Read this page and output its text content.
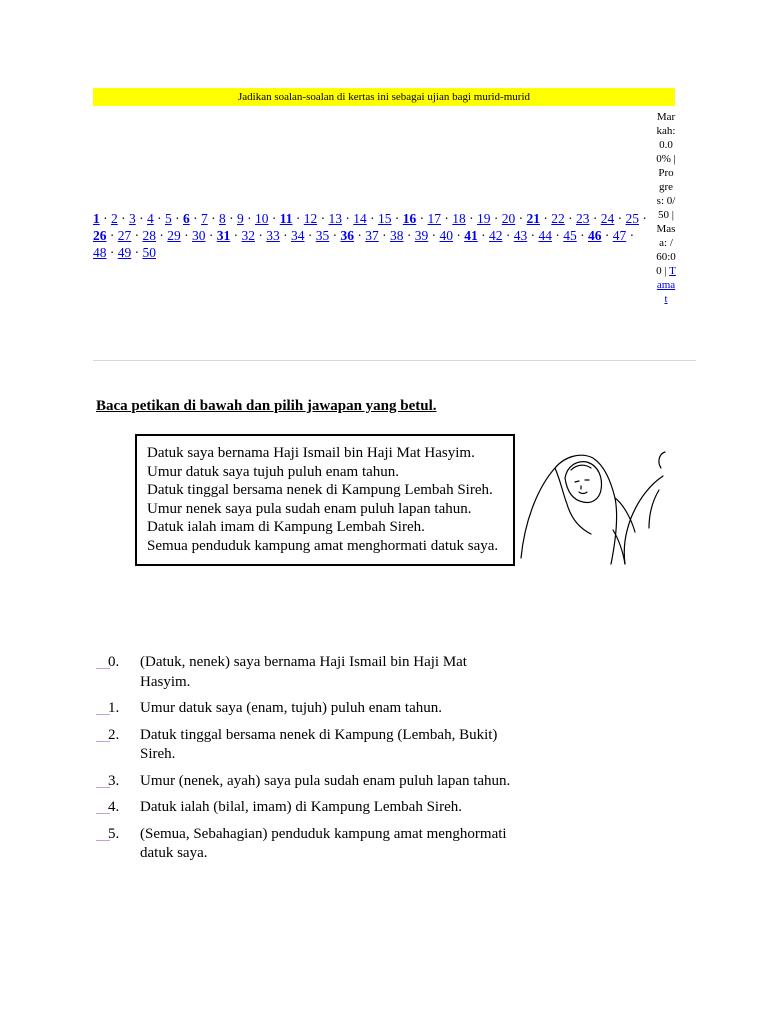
Jadikan soalan-soalan di kertas ini sebagai ujian bagi murid-murid
1 · 2 · 3 · 4 · 5 · 6 · 7 · 8 · 9 · 10 · 11 · 12 · 13 · 14 · 15 · 16 · 17 · 18 · 19 · 20 · 21 · 22 · 23 · 24 · 25 · 26 · 27 · 28 · 29 · 30 · 31 · 32 · 33 · 34 · 35 · 36 · 37 · 38 · 39 · 40 · 41 · 42 · 43 · 44 · 45 · 46 · 47 · 48 · 49 · 50
Markah: 0.00% | Progres: 0/50 | Masa: / 60:00 | Tamat
Baca petikan di bawah dan pilih jawapan yang betul.

Datuk saya bernama Haji Ismail bin Haji Mat Hasyim.

Umur datuk saya tujuh puluh enam tahun.

Datuk tinggal bersama nenek di Kampung Lembah Sireh.

Umur nenek saya pula sudah enam puluh lapan tahun.

Datuk ialah imam di Kampung Lembah Sireh.

Semua penduduk kampung amat menghormati datuk saya.

0.	(Datuk, nenek) saya bernama Haji Ismail bin Haji Mat Hasyim.
1.	Umur datuk saya (enam, tujuh) puluh enam tahun.
2.	Datuk tinggal bersama nenek di Kampung (Lembah, Bukit) Sireh.
3.	Umur (nenek, ayah) saya pula sudah enam puluh lapan tahun.
4.	Datuk ialah (bilal, imam) di Kampung Lembah Sireh.
5.	(Semua, Sebahagian) penduduk kampung amat menghormati datuk saya.
